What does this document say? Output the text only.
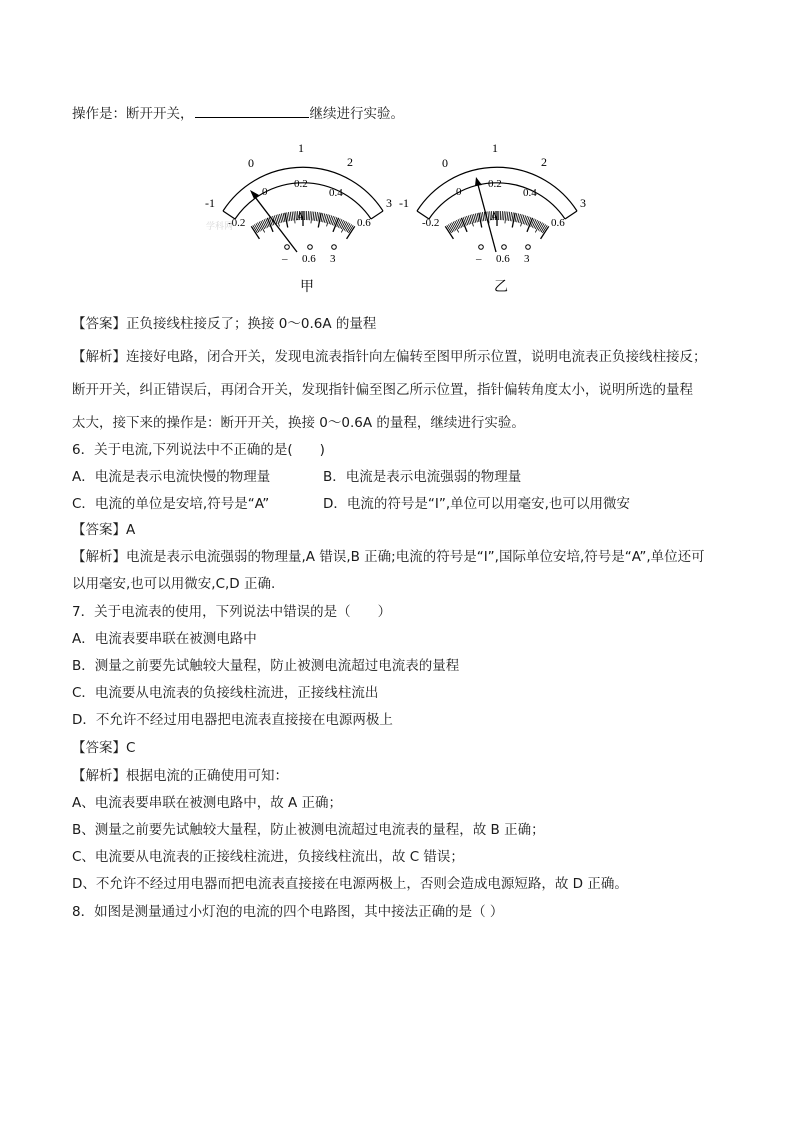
操作是：断开开关，	继续进行实验。
-1
0
1
2
3
-0.2
0
0.2
0.4
0.6
A
学科网
– 0.6 3
甲
-1
0
1
2
3
-0.2
0
0.2
0.4
0.6
A
– 0.6 3
乙
【答案】正负接线柱接反了；换接 0～0.6A 的量程
【解析】连接好电路，闭合开关，发现电流表指针向左偏转至图甲所示位置，说明电流表正负接线柱接反；
断开开关，纠正错误后，再闭合开关，发现指针偏至图乙所示位置，指针偏转角度太小，说明所选的量程
太大，接下来的操作是：断开开关，换接 0～0.6A 的量程，继续进行实验。
6．关于电流,下列说法中不正确的是(　　)
A．电流是表示电流快慢的物理量	B．电流是表示电流强弱的物理量
C．电流的单位是安培,符号是“A”	D．电流的符号是“I”,单位可以用毫安,也可以用微安
【答案】A
【解析】电流是表示电流强弱的物理量,A 错误,B 正确;电流的符号是“I”,国际单位安培,符号是“A”,单位还可
以用毫安,也可以用微安,C,D 正确.
7．关于电流表的使用，下列说法中错误的是（　　）
A．电流表要串联在被测电路中
B．测量之前要先试触较大量程，防止被测电流超过电流表的量程
C．电流要从电流表的负接线柱流进，正接线柱流出
D．不允许不经过用电器把电流表直接接在电源两极上
【答案】C
【解析】根据电流的正确使用可知：
A、电流表要串联在被测电路中，故 A 正确；
B、测量之前要先试触较大量程，防止被测电流超过电流表的量程，故 B 正确；
C、电流要从电流表的正接线柱流进，负接线柱流出，故 C 错误；
D、不允许不经过用电器而把电流表直接接在电源两极上，否则会造成电源短路，故 D 正确。
8．如图是测量通过小灯泡的电流的四个电路图，其中接法正确的是（ ）
